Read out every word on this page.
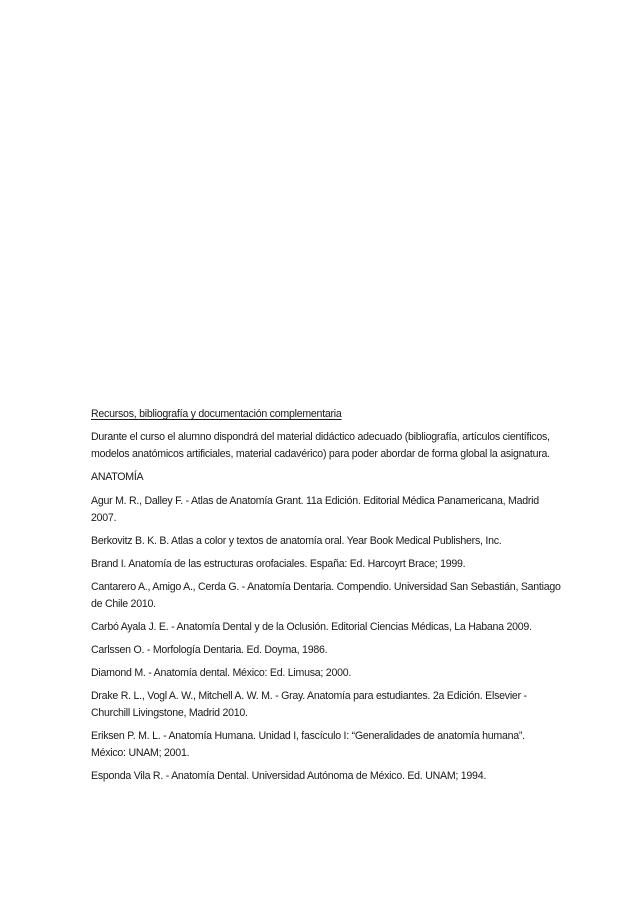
Recursos, bibliografía y documentación complementaria
Durante el curso el alumno dispondrá del material didáctico adecuado (bibliografía, artículos científicos, modelos anatómicos artificiales, material cadavérico) para poder abordar de forma global la asignatura.
ANATOMÍA
Agur M. R., Dalley F. - Atlas de Anatomía Grant. 11a Edición. Editorial Médica Panamericana, Madrid 2007.
Berkovitz B. K. B. Atlas a color y textos de anatomía oral. Year Book Medical Publishers, Inc.
Brand I. Anatomía de las estructuras orofaciales. España: Ed. Harcoyrt Brace; 1999.
Cantarero A., Amigo A., Cerda G. - Anatomía Dentaria. Compendio. Universidad San Sebastián, Santiago de Chile 2010.
Carbó Ayala J. E. - Anatomía Dental y de la Oclusión. Editorial Ciencias Médicas, La Habana 2009.
Carlssen O. - Morfología Dentaria. Ed. Doyma, 1986.
Diamond M. - Anatomía dental. México: Ed. Limusa; 2000.
Drake R. L., Vogl A. W., Mitchell A. W. M. - Gray. Anatomía para estudiantes. 2a Edición. Elsevier - Churchill Livingstone, Madrid 2010.
Eriksen P. M. L. - Anatomía Humana. Unidad I, fascículo I: “Generalidades de anatomía humana”. México: UNAM; 2001.
Esponda Vila R. - Anatomía Dental. Universidad Autónoma de México. Ed. UNAM; 1994.
